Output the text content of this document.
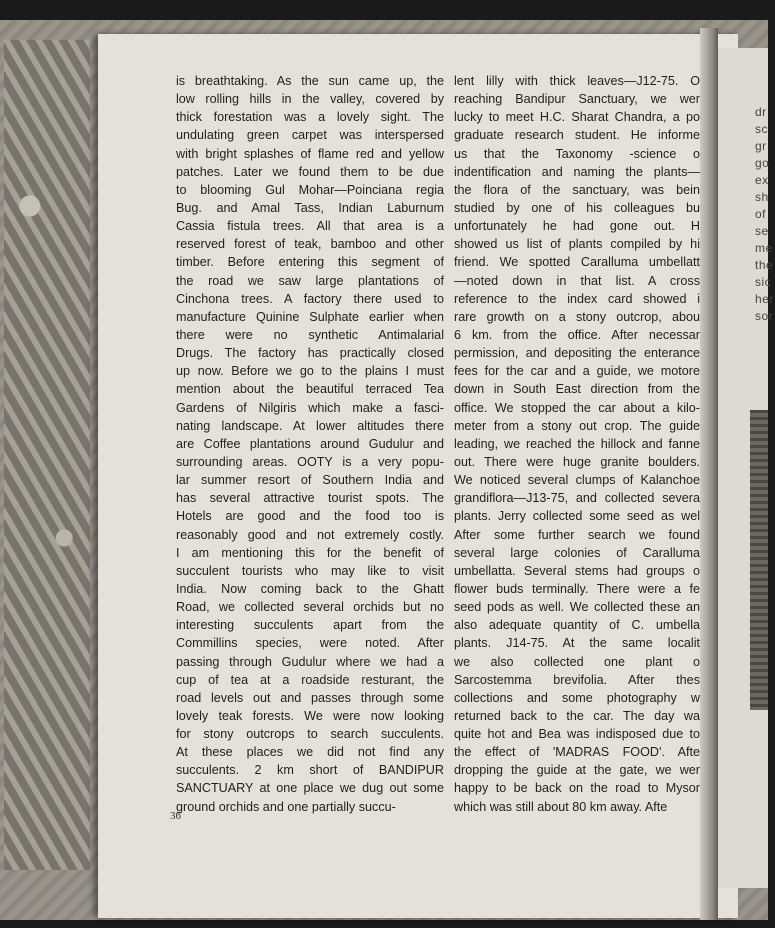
dr
sc
gr
go
ex
sh
of
se
me
the
sic
her
sor
is breathtaking. As the sun came up, the
low rolling hills in the valley, covered by
thick forestation was a lovely sight. The
undulating green carpet was interspersed
with bright splashes of flame red and yellow
patches. Later we found them to be due
to blooming Gul Mohar—Poinciana regia
Bug. and Amal Tass, Indian Laburnum
Cassia fistula trees. All that area is a
reserved forest of teak, bamboo and other
timber. Before entering this segment of
the road we saw large plantations of
Cinchona trees. A factory there used to
manufacture Quinine Sulphate earlier when
there were no synthetic Antimalarial
Drugs. The factory has practically closed
up now. Before we go to the plains I must
mention about the beautiful terraced Tea
Gardens of Nilgiris which make a fasci-
nating landscape. At lower altitudes there
are Coffee plantations around Gudulur and
surrounding areas. OOTY is a very popu-
lar summer resort of Southern India and
has several attractive tourist spots. The
Hotels are good and the food too is
reasonably good and not extremely costly.
I am mentioning this for the benefit of
succulent tourists who may like to visit
India. Now coming back to the Ghatt
Road, we collected several orchids but no
interesting succulents apart from the
Commillins species, were noted. After
passing through Gudulur where we had a
cup of tea at a roadside resturant, the
road levels out and passes through some
lovely teak forests. We were now looking
for stony outcrops to search succulents.
At these places we did not find any
succulents. 2 km short of BANDIPUR
SANCTUARY at one place we dug out some
ground orchids and one partially succu-
lent lilly with thick leaves—J12-75. O
reaching Bandipur Sanctuary, we wer
lucky to meet H.C. Sharat Chandra, a po
graduate research student. He informe
us that the Taxonomy -science o
indentification and naming the plants—
the flora of the sanctuary, was bein
studied by one of his colleagues bu
unfortunately he had gone out. H
showed us list of plants compiled by hi
friend. We spotted Caralluma umbellatt
—noted down in that list. A cross
reference to the index card showed i
rare growth on a stony outcrop, abou
6 km. from the office. After necessar
permission, and depositing the enterance
fees for the car and a guide, we motore
down in South East direction from the
office. We stopped the car about a kilo-
meter from a stony out crop. The guide
leading, we reached the hillock and fanne
out. There were huge granite boulders.
We noticed several clumps of Kalanchoe
grandiflora—J13-75, and collected severa
plants. Jerry collected some seed as wel
After some further search we found
several large colonies of Caralluma
umbellatta. Several stems had groups o
flower buds terminally. There were a fe
seed pods as well. We collected these an
also adequate quantity of C. umbella
plants. J14-75. At the same localit
we also collected one plant o
Sarcostemma brevifolia. After thes
collections and some photography w
returned back to the car. The day wa
quite hot and Bea was indisposed due to
the effect of 'MADRAS FOOD'. Afte
dropping the guide at the gate, we wer
happy to be back on the road to Mysor
which was still about 80 km away. Afte
36
